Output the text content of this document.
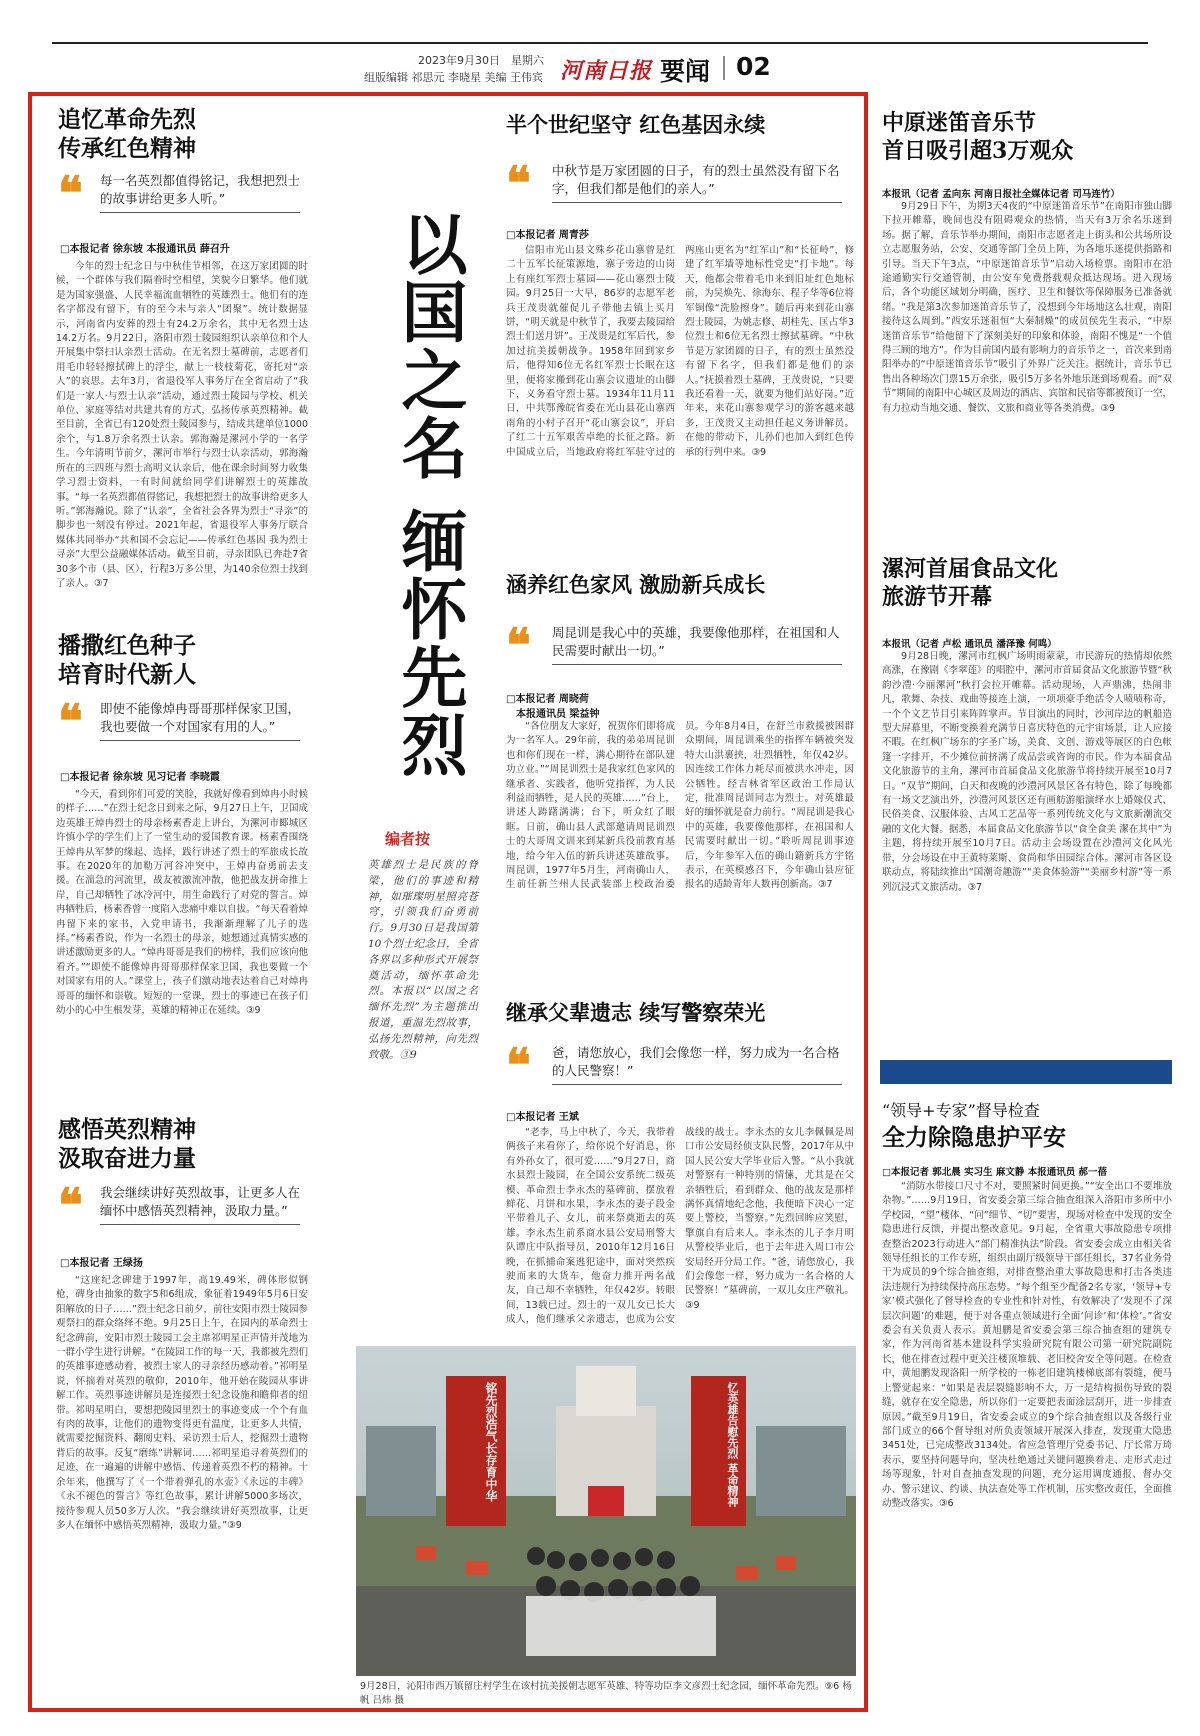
2023年9月30日　星期六
组版编辑 祁思元 李晓星 美编 王伟宾 河南日报 要闻 02
追忆革命先烈
传承红色精神
❝ 每一名英烈都值得铭记，我想把烈士的故事讲给更多人听。”
□本报记者 徐东坡 本报通讯员 薛召升

今年的烈士纪念日与中秋佳节相邻，在这万家团圆的时候，一个群体与我们隔着时空相望，笑貌今日繁华。他们就是为国家强盛、人民幸福流血牺牲的英雄烈士。他们有的连名字都没有留下，有的至今未与亲人“团聚”。统计数据显示，河南省内安葬的烈士有24.2万余名，其中无名烈士达14.2万名。9月22日，洛阳市烈士陵园组织认亲单位和个人开展集中祭扫认亲烈士活动。在无名烈士墓碑前，志愿者们用毛巾轻轻擦拭碑上的浮尘，献上一枝枝菊花，寄托对“亲人”的哀思。去年3月，省退役军人事务厅在全省启动了“我们是一家人·与烈士认亲”活动，通过烈士陵园与学校、机关单位、家庭等结对共建共育的方式，弘扬传承英烈精神。截至目前，全省已有120处烈士陵园参与，结成共建单位1000余个，与1.8万余名烈士认亲。郭海瀚是漯河小学的一名学生。今年清明节前夕，漯河市举行与烈士认亲活动，郭海瀚所在的三四班与烈士高明义认亲后，他在课余时间努力收集学习烈士资料，一有时间就给同学们讲解烈士的英雄故事。“每一名英烈都值得铭记，我想把烈士的故事讲给更多人听。”郭海瀚说。除了“认亲”，全省社会各界为烈士“寻亲”的脚步也一刻没有停过。2021年起，省退役军人事务厅联合媒体共同举办“共和国不会忘记——传承红色基因 我为烈士寻亲”大型公益融媒体活动。截至目前，寻亲团队已奔赴7省30多个市（县、区），行程3万多公里，为140余位烈士找到了亲人。③7

播撒红色种子
培育时代新人
❝ 即使不能像焯冉哥哥那样保家卫国，我也要做一个对国家有用的人。”
□本报记者 徐东坡 见习记者 李晓霞

“今天，看到你们可爱的笑脸，我就好像看到焯冉小时候的样子……”在烈士纪念日到来之际，9月27日上午，卫国成边英雄王焯冉烈士的母亲杨素香走上讲台，为漯河市郾城区许慎小学的学生们上了一堂生动的爱国教育课。杨素香围绕王焯冉从军梦的缘起、选择，践行讲述了烈士的军旅成长故事。在2020年的加勒万河谷冲突中，王焯冉奋勇前去支援。在湍急的河流里，战友被激流冲散，他把战友拼命推上岸，自己却牺牲了冰冷河中，用生命践行了对党的誓言。焯冉牺牲后，杨素香曾一度陷入悲痛中难以自拔。“每天看着焯冉留下来的家书，入党申请书，我渐渐理解了儿子的选择。”杨素香说，作为一名烈士的母亲，她想通过真情实感的讲述激励更多的人。“焯冉哥哥是我们的榜样，我们应该向他看齐。”“即使不能像焯冉哥哥那样保家卫国，我也要做一个对国家有用的人。”课堂上，孩子们激动地表达着自己对焯冉哥哥的缅怀和崇敬。短短的一堂课，烈士的事迹已在孩子们幼小的心中生根发芽，英雄的精神正在延续。③9

感悟英烈精神
汲取奋进力量
❝ 我会继续讲好英烈故事，让更多人在缅怀中感悟英烈精神，汲取力量。”
□本报记者 王绿扬

“这座纪念碑建于1997年，高19.49米，碑体形似钢枪，碑身由抽象的数字5和6组成，象征着1949年5月6日安阳解放的日子……”烈士纪念日前夕，前往安阳市烈士陵园参观祭扫的群众络绎不绝。9月25日上午，在园内的革命烈士纪念碑前，安阳市烈士陵园工会主席祁明星正声情并茂地为一群小学生进行讲解。“在陵园工作的每一天，我都被先烈们的英雄事迹感动着，被烈士家人的寻亲经历感动着。”祁明星说，怀揣着对英烈的敬仰，2010年，他开始在陵园从事讲解工作。英烈事迹讲解员是连接烈士纪念设施和瞻仰者的纽带。祁明星明白，要想把陵园里烈士的事迹变成一个个有血有肉的故事，让他们的遗物变得更有温度，让更多人共情，就需要挖掘资料、翻阅史料、采访烈士后人，挖掘烈士遗物背后的故事。反复“磨练”讲解词……祁明星追寻着英烈们的足迹，在一遍遍的讲解中感悟、传递着英烈不朽的精神。十余年来，他撰写了《一个带着弹孔的水壶》《永远的丰碑》《永不褪色的誓言》等红色故事，累计讲解5000多场次，接待参观人员50多万人次。“我会继续讲好英烈故事，让更多人在缅怀中感悟英烈精神，汲取力量。”③9

以国之名 缅怀先烈
编者按
英雄烈士是民族的脊梁，他们的事迹和精神，如璀璨明星照亮苍穹，引领我们奋勇前行。9月30日是我国第10个烈士纪念日，全省各界以多种形式开展祭奠活动，缅怀革命先烈。本报以“以国之名 缅怀先烈”为主题推出报道，重温先烈故事，弘扬先烈精神，向先烈致敬。③9
半个世纪坚守 红色基因永续
❝ 中秋节是万家团圆的日子，有的烈士虽然没有留下名字，但我们都是他们的亲人。”
□本报记者 周青莎

信阳市光山县文殊乡花山寨曾是红二十五军长征策源地，寨子旁边的山岗上有座红军烈士墓园——花山寨烈士陵园。9月25日一大早，86岁的志愿军老兵王茂贵就催促儿子带他去镇上买月饼，“明天就是中秋节了，我要去陵园给烈士们送月饼”。王茂贵是红军后代，参加过抗美援朝战争。1958年回到家乡后，他得知6位无名红军烈士长眠在这里，便将家搬到花山寨会议遗址的山脚下，义务看守烈士墓。1934年11月11日，中共鄂豫皖省委在光山县花山寨西南角的小村子召开“花山寨会议”，开启了红二十五军艰苦卓绝的长征之路。新中国成立后，当地政府将红军驻守过的两座山更名为“红军山”和“长征岭”，修建了红军墙等地标性党史“打卡地”。每天，他都会带着毛巾来到旧址红色地标前，为吴焕先、徐海东、程子华等6位将军铜像“洗脸擦身”。随后再来到花山寨烈士陵园，为姚志修、胡桂先、匡占华3位烈士和6位无名烈士擦拭墓碑。“中秋节是万家团圆的日子，有的烈士虽然没有留下名字，但我们都是他们的亲人。”抚摸着烈士墓碑，王茂贵说，“只要我还看着一天，就要为他们站好岗。”近年来，来花山寨参观学习的游客越来越多，王茂贵又主动担任起义务讲解员。在他的带动下，儿孙们也加入到红色传承的行列中来。③9

涵养红色家风 激励新兵成长
❝ 周昆训是我心中的英雄，我要像他那样，在祖国和人民需要时献出一切。”
□本报记者 周晓荷
　本报通讯员 梁益钟

“各位朋友大家好，祝贺你们即将成为一名军人。29年前，我的弟弟周昆训也和你们现在一样，满心期待在部队建功立业。”“周昆训烈士是我家红色家风的继承者、实践者，他听党指挥，为人民利益而牺牲，是人民的英雄……”台上，讲述人踌躇满满；台下，听众红了眼眶。日前，确山县人武部邀请周昆训烈士的大哥周文训来到某新兵役前教育基地，给今年入伍的新兵讲述英雄故事。周昆训，1977年5月生，河南确山人，生前任新兰州人民武装部上校政治委员。今年8月4日，在舒兰市救援被困群众期间，周昆训乘坐的指挥车辆被突发特大山洪裹挟，壮烈牺牲，年仅42岁。因连续工作体力耗尽而被洪水冲走，因公牺牲。经吉林省军区政治工作局认定，批准周昆训同志为烈士。对英雄最好的缅怀就是奋力前行。“周昆训是我心中的英雄，我要像他那样，在祖国和人民需要时献出一切。”聆听周昆训事迹后，今年参军入伍的确山籍新兵方宇铭表示，在英模感召下，今年确山县应征报名的适龄青年人数再创新高。③7

继承父辈遗志 续写警察荣光
❝ 爸，请您放心，我们会像您一样，努力成为一名合格的人民警察！”
□本报记者 王斌

“老李，马上中秋了，今天，我带着俩孩子来看你了，给你说个好消息，你有外孙女了，很可爱……”9月27日，商水县烈士陵园，在全国公安系统二级英模、革命烈士李永杰的墓碑前，摆放着鲜花、月饼和水果，李永杰的妻子段金平带着儿子、女儿，前来祭奠逝去的英雄。李永杰生前系商水县公安局刑警大队谭庄中队指导员，2010年12月16日晚，在抓捕命案逃犯途中，面对突然疾驶而来的大货车，他奋力推开两名战友，自己却不幸牺牲，年仅42岁。转眼间，13载已过。烈士的一双儿女已长大成人，他们继承父亲遗志，也成为公安战线的战士。李永杰的女儿李佩佩是周口市公安局经侦支队民警，2017年从中国人民公安大学毕业后入警。“从小我就对警察有一种特别的情愫，尤其是在父亲牺牲后，看到群众、他的战友是那样满怀真情地纪念他，我便暗下决心一定要上警校，当警察。”先烈回眸应笑慰，擎旗自有后来人。李永杰的儿子李月明从警校毕业后，也于去年进入周口市公安局经开分局工作。“爸，请您放心，我们会像您一样，努力成为一名合格的人民警察！”墓碑前，一双儿女庄严敬礼。③9

铭先烈浩气长存育中华	忆英雄告慰先烈 革命精神
9月28日，沁阳市西万镇留庄村学生在该村抗美援朝志愿军英雄、特等功臣李文彦烈士纪念园，缅怀革命先烈。⑨6 杨帆 吕炜 摄
中原迷笛音乐节
首日吸引超3万观众
本报讯（记者 孟向东 河南日报社全媒体记者 司马连竹）

9月29日下午，为期3天4夜的“中原迷笛音乐节”在南阳市独山脚下拉开帷幕，晚间也没有阻碍观众的热情，当天有3万余名乐迷到场。据了解，音乐节举办期间，南阳市志愿者走上街头和公共场所设立志愿服务站，公安、交通等部门全员上阵，为各地乐迷提供指路和引导。当天下午3点，“中原迷笛音乐节”启动入场检票。南阳市在沿途通勤实行交通管制，由公安车免费搭载观众抵达现场。进入现场后，各个功能区域划分明确，医疗、卫生和餐饮等保障服务已准备就绪。“我是第3次参加迷笛音乐节了，没想到今年场地这么壮观，南阳接待这么周到。”西安乐迷祖恒“大秦制燥”的成员侯先生表示，“中原迷笛音乐节”给他留下了深刻美好的印象和体验，南阳不愧是“一个值得三顾的地方”。作为目前国内最有影响力的音乐节之一，首次来到南阳举办的“中原迷笛音乐节”吸引了外界广泛关注。据统计，音乐节已售出各种场次门票15万余张，吸引5万多名外地乐迷到场观看。而“双节”期间的南阳中心城区及周边的酒店、宾馆和民宿等都被预订一空，有力拉动当地交通、餐饮、文旅和商业等各类消费。③9

漯河首届食品文化
旅游节开幕
本报讯（记者 卢松 通讯员 潘泽豫 何鸣）

9月28日晚，漯河市红枫广场明雨蒙蒙，市民游玩的热情却依然高涨，在豫剧《李翠莲》的唱腔中，漯河市首届食品文化旅游节暨“秋韵沙澧·今丽漯河”秋打会拉开帷幕。活动现场，人声鼎沸，热闹非凡，歌舞、杂技、戏曲等接连上演，一项项豪手绝活令人啧啧称奇，一个个文艺节目引来阵阵掌声。节目演出的同时，沙河岸边的帆船造型大屏幕里，不断变换着充满节日喜庆特色的元宇宙场景，让人应接不暇。在红枫广场东的字圣广场，美食、文创、游戏等展区的白色帐篷一字排开，不少摊位前挤满了成品尝或咨询的市民。作为本届食品文化旅游节的主角，漯河市首届食品文化旅游节将持续开展至10月7日。“双节”期间，白天和夜晚的沙澧河风景区各有特色，除了每晚都有一场文艺演出外，沙澧河风景区还有画舫游船演绎水上婚嫁仪式、民俗美食、汉服体验、古风工艺品等一系列传统文化与文旅新潮流交融的文化大餐。据悉，本届食品文化旅游节以“食全食美 潔在其中”为主题，将持续开展至10月7日。活动主会场设置在沙澧河文化风光带，分会场设在中王黄特莱斯、食尚和华田园综合体。漯河市各区设联动点，将陆续推出“国潮奇趣游”“美食体验游”“美丽乡村游”等一系列沉浸式文旅活动。③7

“领导+专家”督导检查
全力除隐患护平安
□本报记者 郭北晨 实习生 麻文静 本报通讯员 郝一蓓

“消防水带接口尺寸不对，要照紧时间更换。”“安全出口不要堆放杂物。”……9月19日，省安委会第三综合抽查组深入洛阳市多所中小学校园，“望”楼体、“问”细节、“切”要害，现场对检查中发现的安全隐患进行反馈，并提出整改意见。9月起，全省重大事故隐患专项排查整治2023行动进入“部门精准执法”阶段。省安委会成立由相关省领导任组长的工作专班，组织由副厅级领导干部任组长，37名业务骨干为成员的9个综合抽查组，对排查整治重大事故隐患和打击各类违法违规行为持续保持高压态势。“每个组至少配备2名专家，‘领导+专家’模式强化了督导检查的专业性和针对性，有效解决了‘发现不了深层次问题’的难题，便于对各重点领域进行全面‘问诊’和‘体检’。”省安委会有关负责人表示。黄旭鹏是省安委会第三综合抽查组的建筑专家，作为河南省基本建设科学实验研究院有限公司第一研究院副院长，他在排查过程中更关注楼顶堆载、老旧校舍安全等问题。在检查中，黄旭鹏发现洛阳一所学校的一栋老旧建筑楼梯底部有裂缝，便马上警觉起来：“如果是表层裂缝影响不大，万一是结构损伤导致的裂缝，就存在安全隐患，所以你们一定要把表面涂层刮开，进一步排查原因。”截至9月19日，省安委会成立的9个综合抽查组以及各级行业部门成立的66个督导组对所负责领域开展深入排查，发现重大隐患3451处，已完成整改3134处。省应急管理厅党委书记、厅长常万琦表示，要坚持问题导向，坚决杜绝通过关键问题换着走、走形式走过场等现象，针对自查抽查发现的问题，充分运用调度通报、督办交办、警示建议、约谈、执法查处等工作机制，压实整改责任，全面推动整改落实。③6
